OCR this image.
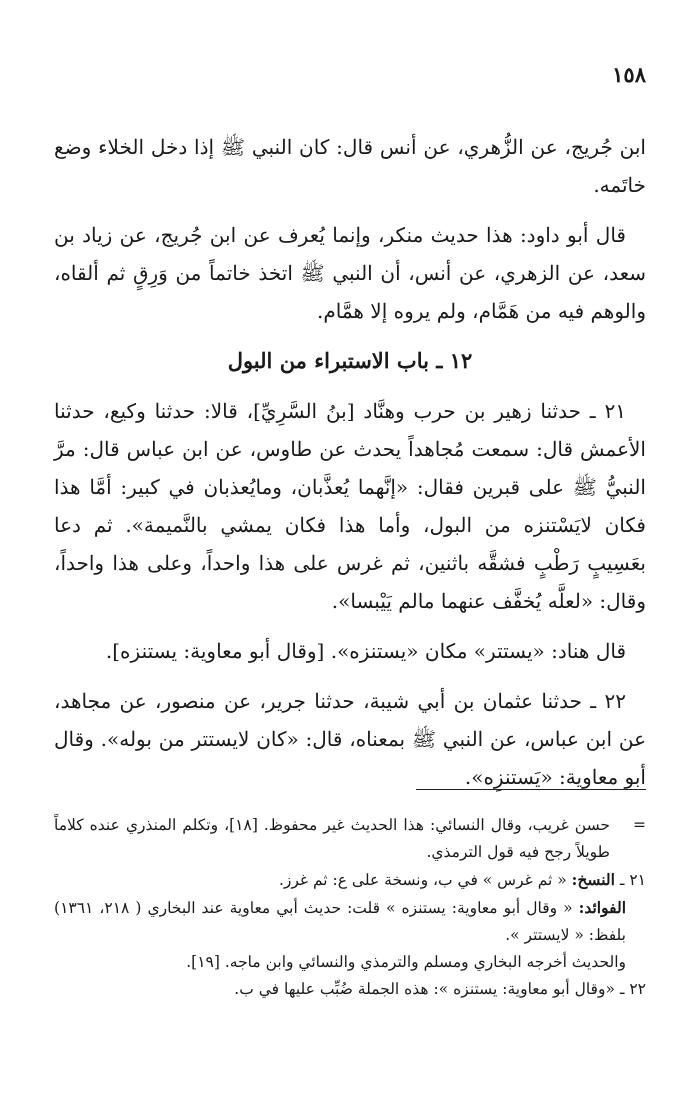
١٥٨

ابن جُريج، عن الزُّهري، عن أنس قال: كان النبي ﷺ إذا دخل الخلاء وضع خاتَمه.

قال أبو داود: هذا حديث منكر، وإنما يُعرف عن ابن جُريج، عن زياد بن سعد، عن الزهري، عن أنس، أن النبي ﷺ اتخذ خاتماً من وَرِقٍ ثم ألقاه، والوهم فيه من هَمَّام، ولم يروه إلا همَّام.

١٢ ـ باب الاستبراء من البول

٢١ ـ حدثنا زهير بن حرب وهنَّاد [بنُ السَّرِيِّ]، قالا: حدثنا وكيع، حدثنا الأعمش قال: سمعت مُجاهداً يحدث عن طاوس، عن ابن عباس قال: مرَّ النبيُّ ﷺ على قبرين فقال: «إنَّهما يُعذَّبان، ومايُعذبان في كبير: أمَّا هذا فكان لايَسْتنزه من البول، وأما هذا فكان يمشي بالنَّميمة». ثم دعا بعَسِيبٍ رَطْبٍ فشقَّه باثنين، ثم غرس على هذا واحداً، وعلى هذا واحداً، وقال: «لعلَّه يُخفَّف عنهما مالم يَيْبسا».

قال هناد: «يستتر» مكان «يستنزه». [وقال أبو معاوية: يستنزه].

٢٢ ـ حدثنا عثمان بن أبي شيبة، حدثنا جرير، عن منصور، عن مجاهد، عن ابن عباس، عن النبي ﷺ بمعناه، قال: «كان لايستتر من بوله». وقال أبو معاوية: «يَستنزِه».

=
حسن غريب، وقال النسائي: هذا الحديث غير محفوظ. [١٨]، وتكلم المنذري عنده كلاماً طويلاً رجح فيه قول الترمذي.

٢١ ـ النسخ: « ثم غرس » في ب، ونسخة على ع: ثم غرز.

الفوائد: « وقال أبو معاوية: يستنزه » قلت: حديث أبي معاوية عند البخاري ( ٢١٨، ١٣٦١) بلفظ: « لايستتر ».

والحديث أخرجه البخاري ومسلم والترمذي والنسائي وابن ماجه. [١٩].

٢٢ ـ «وقال أبو معاوية: يستنزه »: هذه الجملة ضُبِّب عليها في ب.
